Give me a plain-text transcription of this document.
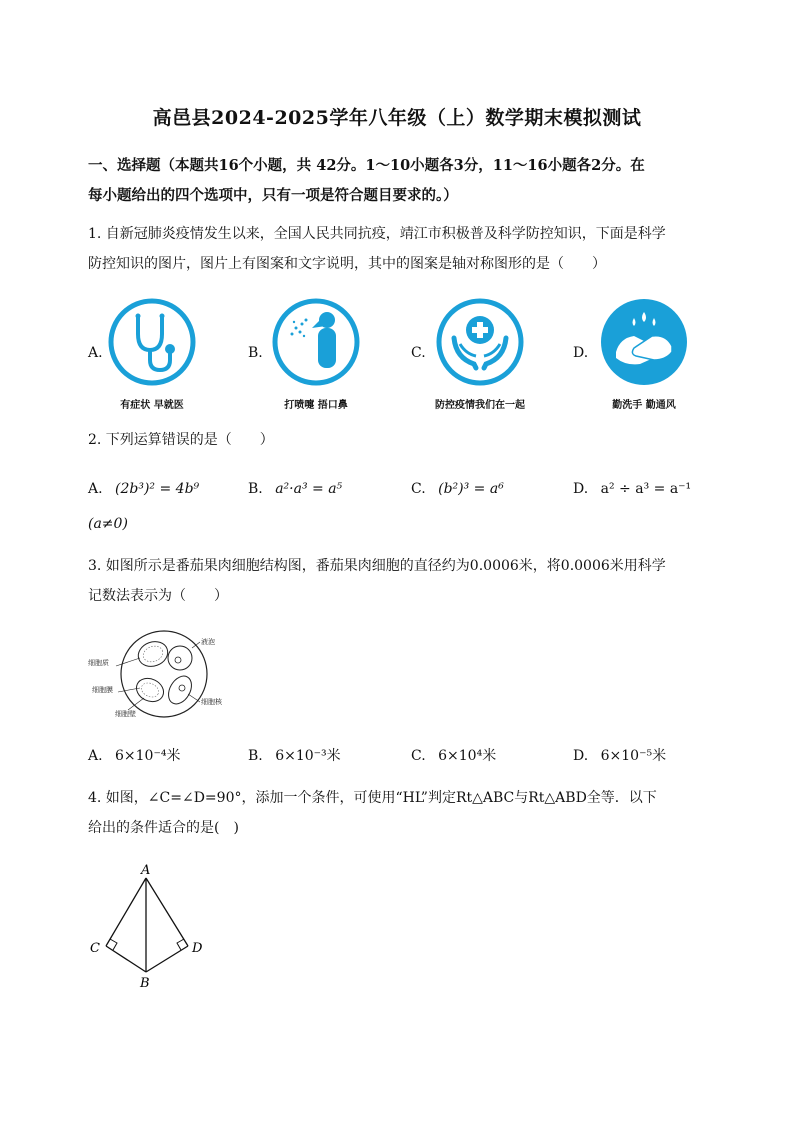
高邑县2024-2025学年八年级（上）数学期末模拟测试
一、选择题（本题共16个小题，共 42分。1～10小题各3分，11～16小题各2分。在
每小题给出的四个选项中，只有一项是符合题目要求的。）
1. 自新冠肺炎疫情发生以来，全国人民共同抗疫，靖江市积极普及科学防控知识，下面是科学
防控知识的图片，图片上有图案和文字说明，其中的图案是轴对称图形的是（　　）
A.	B.	C.	D.
有症状 早就医	打喷嚏 捂口鼻	防控疫情我们在一起	勤洗手 勤通风
2. 下列运算错误的是（　　）
A. (2b³)² = 4b⁹	B. a²·a³ = a⁵	C. (b²)³ = a⁶	D. a² ÷ a³ = a⁻¹
(a≠0)
3. 如图所示是番茄果肉细胞结构图，番茄果肉细胞的直径约为0.0006米，将0.0006米用科学
记数法表示为（　　）
细胞质
细胞膜
细胞壁
液泡
细胞核
A. 6×10⁻⁴米	B. 6×10⁻³米	C. 6×10⁴米	D. 6×10⁻⁵米
4. 如图，∠C=∠D=90°，添加一个条件，可使用“HL”判定Rt△ABC与Rt△ABD全等．以下
给出的条件适合的是(　)
A
C	D
B
